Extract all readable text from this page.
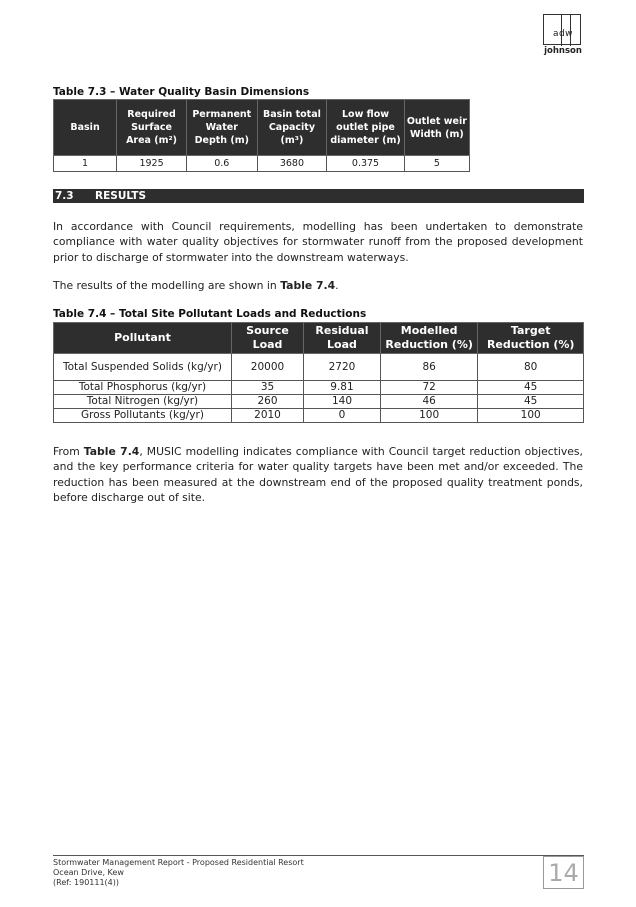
adw
johnson
Table 7.3 – Water Quality Basin Dimensions
Basin	Required Surface Area (m²)	Permanent Water Depth (m)	Basin total Capacity (m³)	Low flow outlet pipe diameter (m)	Outlet weir Width (m)
1	1925	0.6	3680	0.375	5
7.3 RESULTS
In accordance with Council requirements, modelling has been undertaken to demonstrate compliance with water quality objectives for stormwater runoff from the proposed development prior to discharge of stormwater into the downstream waterways.
The results of the modelling are shown in Table 7.4.
Table 7.4 – Total Site Pollutant Loads and Reductions
Pollutant	Source Load	Residual Load	Modelled Reduction (%)	Target Reduction (%)
Total Suspended Solids (kg/yr)	20000	2720	86	80
Total Phosphorus (kg/yr)	35	9.81	72	45
Total Nitrogen (kg/yr)	260	140	46	45
Gross Pollutants (kg/yr)	2010	0	100	100
From Table 7.4, MUSIC modelling indicates compliance with Council target reduction objectives, and the key performance criteria for water quality targets have been met and/or exceeded. The reduction has been measured at the downstream end of the proposed quality treatment ponds, before discharge out of site.
Stormwater Management Report - Proposed Residential Resort
Ocean Drive, Kew
(Ref: 190111(4))	14
